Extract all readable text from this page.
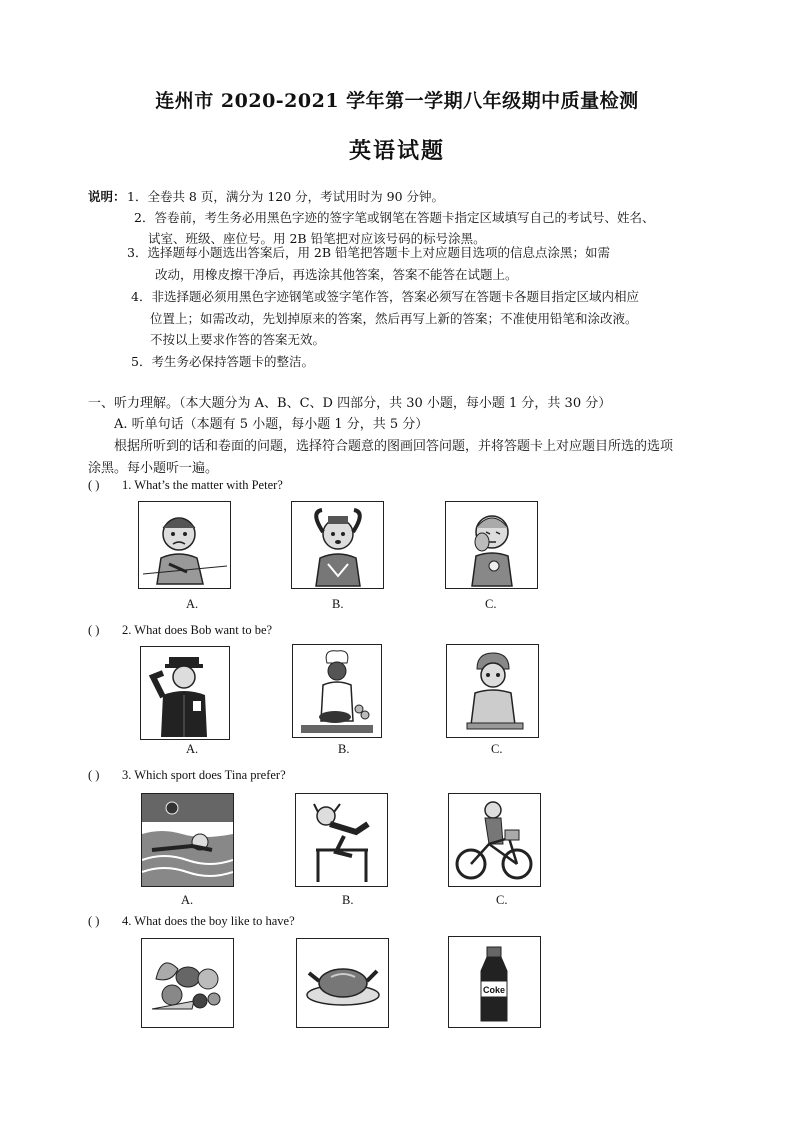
连州市 2020-2021 学年第一学期八年级期中质量检测
英语试题
说明： 1．全卷共 8 页，满分为 120 分，考试用时为 90 分钟。
2．答卷前，考生务必用黑色字迹的签字笔或钢笔在答题卡指定区域填写自己的考试号、姓名、
试室、班级、座位号。用 2B 铅笔把对应该号码的标号涂黑。
3．选择题每小题选出答案后，用 2B 铅笔把答题卡上对应题目选项的信息点涂黑；如需
改动，用橡皮擦干净后，再选涂其他答案，答案不能答在试题上。
4．非选择题必须用黑色字迹钢笔或签字笔作答，答案必须写在答题卡各题目指定区域内相应
位置上；如需改动，先划掉原来的答案，然后再写上新的答案；不准使用铅笔和涂改液。
不按以上要求作答的答案无效。
5．考生务必保持答题卡的整洁。
一、听力理解。（本大题分为 A、B、C、D 四部分，共 30 小题，每小题 1 分，共 30 分）
A. 听单句话（本题有 5 小题，每小题 1 分，共 5 分）
根据所听到的话和卷面的问题，选择符合题意的图画回答问题，并将答题卡上对应题目所选的选项
涂黑。每小题听一遍。
( ) 1. What’s the matter with Peter?
A.	B.	C.
( ) 2. What does Bob want to be?
A.	B.	C.
( ) 3. Which sport does Tina prefer?
A.	B.	C.
( ) 4. What does the boy like to have?
Coke
